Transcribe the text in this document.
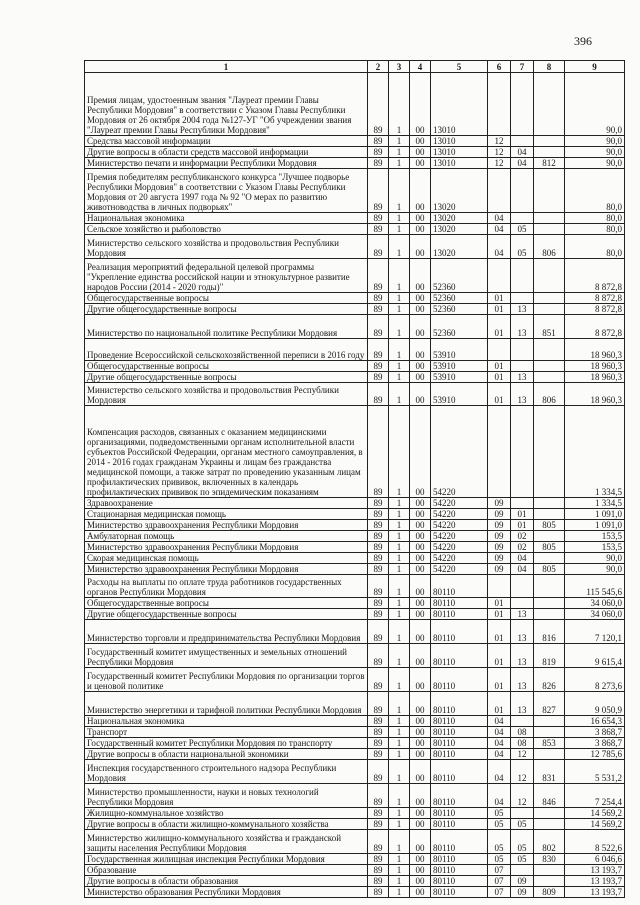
396
1	2	3	4	5	6	7	8	9
Премия лицам, удостоенным звания "Лауреат премии Главы Республики Мордовия" в соответствии с Указом Главы Республики Мордовия от 26 октября 2004 года №127-УГ "Об учреждении звания "Лауреат премии Главы Республики Мордовия"	89	1	00	13010				90,0
Средства массовой информации	89	1	00	13010	12			90,0
Другие вопросы в области средств массовой информации	89	1	00	13010	12	04		90,0
Министерство печати и информации Республики Мордовия	89	1	00	13010	12	04	812	90,0
Премия победителям республиканского конкурса "Лучшее подворье Республики Мордовия" в соответствии с Указом Главы Республики Мордовия от 20 августа 1997 года № 92 "О мерах по развитию животноводства в личных подворьях"	89	1	00	13020				80,0
Национальная экономика	89	1	00	13020	04			80,0
Сельское хозяйство и рыболовство	89	1	00	13020	04	05		80,0
Министерство сельского хозяйства и продовольствия Республики Мордовия	89	1	00	13020	04	05	806	80,0
Реализация мероприятий федеральной целевой программы "Укрепление единства российской нации и этнокультурное развитие народов России (2014 - 2020 годы)"	89	1	00	52360				8 872,8
Общегосударственные вопросы	89	1	00	52360	01			8 872,8
Другие общегосударственные вопросы	89	1	00	52360	01	13		8 872,8
Министерство по национальной политике Республики Мордовия	89	1	00	52360	01	13	851	8 872,8
Проведение Всероссийской сельскохозяйственной переписи в 2016 году	89	1	00	53910				18 960,3
Общегосударственные вопросы	89	1	00	53910	01			18 960,3
Другие общегосударственные вопросы	89	1	00	53910	01	13		18 960,3
Министерство сельского хозяйства и продовольствия Республики Мордовия	89	1	00	53910	01	13	806	18 960,3
Компенсация расходов, связанных с оказанием медицинскими организациями, подведомственными органам исполнительной власти субъектов Российской Федерации, органам местного самоуправления, в 2014 - 2016 годах гражданам Украины и лицам без гражданства медицинской помощи, а также затрат по проведению указанным лицам профилактических прививок, включенных в календарь профилактических прививок по эпидемическим показаниям	89	1	00	54220				1 334,5
Здравоохранение	89	1	00	54220	09			1 334,5
Стационарная медицинская помощь	89	1	00	54220	09	01		1 091,0
Министерство здравоохранения Республики Мордовия	89	1	00	54220	09	01	805	1 091,0
Амбулаторная помощь	89	1	00	54220	09	02		153,5
Министерство здравоохранения Республики Мордовия	89	1	00	54220	09	02	805	153,5
Скорая медицинская помощь	89	1	00	54220	09	04		90,0
Министерство здравоохранения Республики Мордовия	89	1	00	54220	09	04	805	90,0
Расходы на выплаты по оплате труда работников государственных органов Республики Мордовия	89	1	00	80110				115 545,6
Общегосударственные вопросы	89	1	00	80110	01			34 060,0
Другие общегосударственные вопросы	89	1	00	80110	01	13		34 060,0
Министерство торговли и предпринимательства Республики Мордовия	89	1	00	80110	01	13	816	7 120,1
Государственный комитет имущественных и земельных отношений Республики Мордовия	89	1	00	80110	01	13	819	9 615,4
Государственный комитет Республики Мордовия по организации торгов и ценовой политике	89	1	00	80110	01	13	826	8 273,6
Министерство энергетики и тарифной политики Республики Мордовия	89	1	00	80110	01	13	827	9 050,9
Национальная экономика	89	1	00	80110	04			16 654,3
Транспорт	89	1	00	80110	04	08		3 868,7
Государственный комитет Республики Мордовия по транспорту	89	1	00	80110	04	08	853	3 868,7
Другие вопросы в области национальной экономики	89	1	00	80110	04	12		12 785,6
Инспекция государственного строительного надзора Республики Мордовия	89	1	00	80110	04	12	831	5 531,2
Министерство промышленности, науки и новых технологий Республики Мордовия	89	1	00	80110	04	12	846	7 254,4
Жилищно-коммунальное хозяйство	89	1	00	80110	05			14 569,2
Другие вопросы в области жилищно-коммунального хозяйства	89	1	00	80110	05	05		14 569,2
Министерство жилищно-коммунального хозяйства и гражданской защиты населения Республики Мордовия	89	1	00	80110	05	05	802	8 522,6
Государственная жилищная инспекция Республики Мордовия	89	1	00	80110	05	05	830	6 046,6
Образование	89	1	00	80110	07			13 193,7
Другие вопросы в области образования	89	1	00	80110	07	09		13 193,7
Министерство образования Республики Мордовия	89	1	00	80110	07	09	809	13 193,7
